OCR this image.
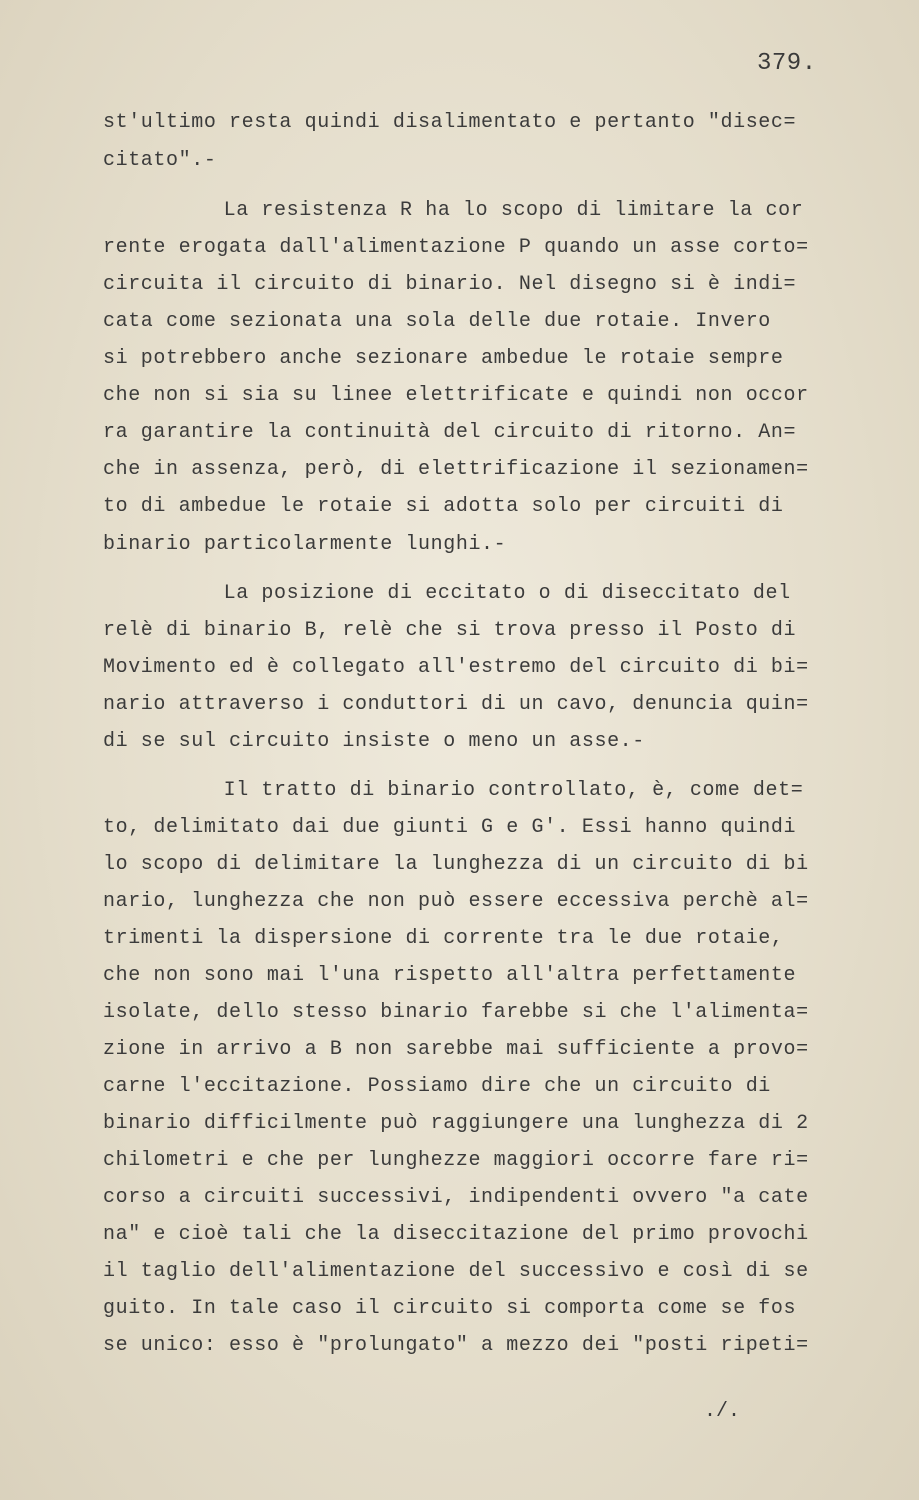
379.
st'ultimo resta quindi disalimentato e pertanto "disec=
citato".-
La resistenza R ha lo scopo di limitare la cor
rente erogata dall'alimentazione P quando un asse corto=
circuita il circuito di binario. Nel disegno si è indi=
cata come sezionata una sola delle due rotaie. Invero
si potrebbero anche sezionare ambedue le rotaie sempre
che non si sia su linee elettrificate e quindi non occor
ra garantire la continuità del circuito di ritorno. An=
che in assenza, però, di elettrificazione il sezionamen=
to di ambedue le rotaie si adotta solo per circuiti di
binario particolarmente lunghi.-
La posizione di eccitato o di diseccitato del
relè di binario B, relè che si trova presso il Posto di
Movimento ed è collegato all'estremo del circuito di bi=
nario attraverso i conduttori di un cavo, denuncia quin=
di se sul circuito insiste o meno un asse.-
Il tratto di binario controllato, è, come det=
to, delimitato dai due giunti G e G'. Essi hanno quindi
lo scopo di delimitare la lunghezza di un circuito di bi
nario, lunghezza che non può essere eccessiva perchè al=
trimenti la dispersione di corrente tra le due rotaie,
che non sono mai l'una rispetto all'altra perfettamente
isolate, dello stesso binario farebbe si che l'alimenta=
zione in arrivo a B non sarebbe mai sufficiente a provo=
carne l'eccitazione. Possiamo dire che un circuito di
binario difficilmente può raggiungere una lunghezza di 2
chilometri e che per lunghezze maggiori occorre fare ri=
corso a circuiti successivi, indipendenti ovvero "a cate
na" e cioè tali che la diseccitazione del primo provochi
il taglio dell'alimentazione del successivo e così di se
guito. In tale caso il circuito si comporta come se fos
se unico: esso è "prolungato" a mezzo dei "posti ripeti=
./.
